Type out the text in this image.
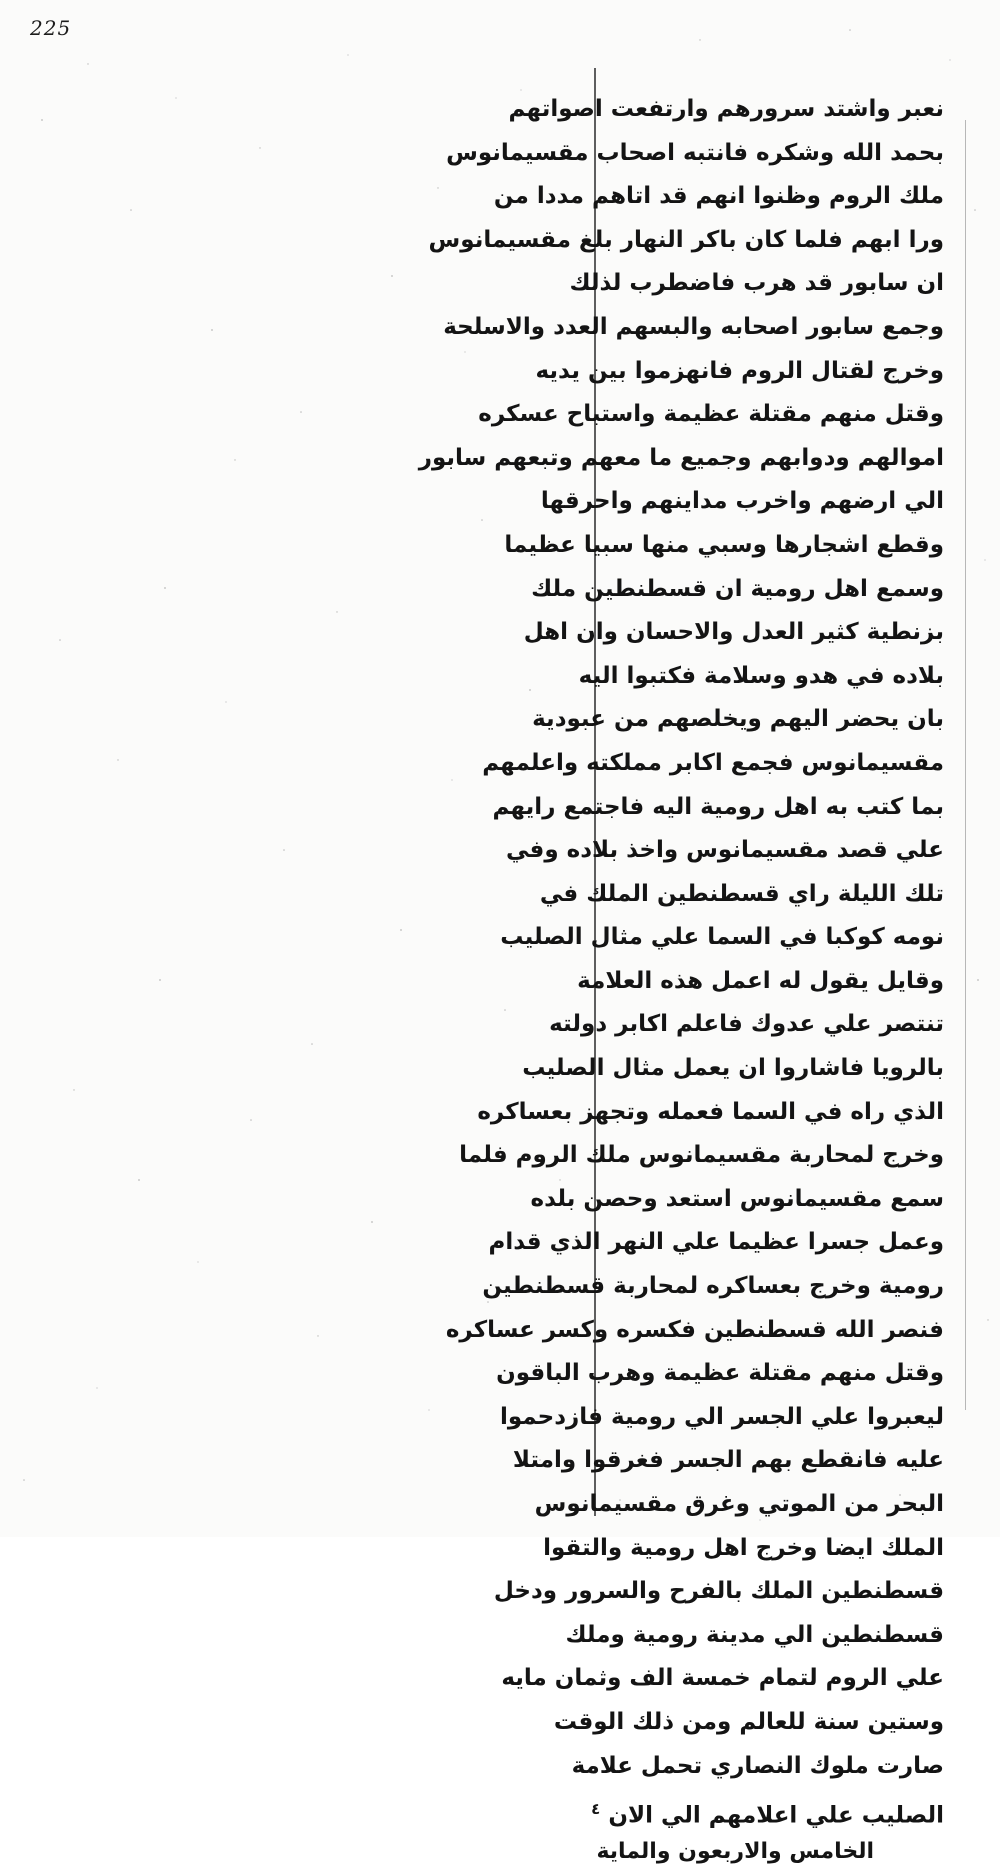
225
نعبر واشتد سرورهم وارتفعت اصواتهم
بحمد الله وشكره فانتبه اصحاب مقسيمانوس
ملك الروم وظنوا انهم قد اتاهم مددا من
ورا ابهم فلما كان باكر النهار بلغ مقسيمانوس
ان سابور قد هرب فاضطرب لذلك
وجمع سابور اصحابه والبسهم العدد والاسلحة
وخرج لقتال الروم فانهزموا بين يديه
وقتل منهم مقتلة عظيمة واستباح عسكره
اموالهم ودوابهم وجميع ما معهم وتبعهم سابور
الي ارضهم واخرب مداينهم واحرقها
وقطع اشجارها وسبي منها سبيا عظيما
وسمع اهل رومية ان قسطنطين ملك
بزنطية كثير العدل والاحسان وان اهل
بلاده في هدو وسلامة فكتبوا اليه
بان يحضر اليهم ويخلصهم من عبودية
مقسيمانوس فجمع اكابر مملكته واعلمهم
بما كتب به اهل رومية اليه فاجتمع رايهم
علي قصد مقسيمانوس واخذ بلاده وفي
تلك الليلة راي قسطنطين الملك في
نومه كوكبا في السما علي مثال الصليب
وقايل يقول له اعمل هذه العلامة
تنتصر علي عدوك فاعلم اكابر دولته
بالرويا فاشاروا ان يعمل مثال الصليب
الذي راه في السما فعمله وتجهز بعساكره
وخرج لمحاربة مقسيمانوس ملك الروم فلما
سمع مقسيمانوس استعد وحصن بلده
وعمل جسرا عظيما علي النهر الذي قدام
رومية وخرج بعساكره لمحاربة قسطنطين
فنصر الله قسطنطين فكسره وكسر عساكره
وقتل منهم مقتلة عظيمة وهرب الباقون
ليعبروا علي الجسر الي رومية فازدحموا
عليه فانقطع بهم الجسر فغرقوا وامتلا
البحر من الموتي وغرق مقسيمانوس
الملك ايضا وخرج اهل رومية والتقوا
قسطنطين الملك بالفرح والسرور ودخل
قسطنطين الي مدينة رومية وملك
علي الروم لتمام خمسة الف وثمان مايه
وستين سنة للعالم ومن ذلك الوقت
صارت ملوك النصاري تحمل علامة
الصليب علي اعلامهم الي الان $^٤$
الخامس والاربعون والماية
